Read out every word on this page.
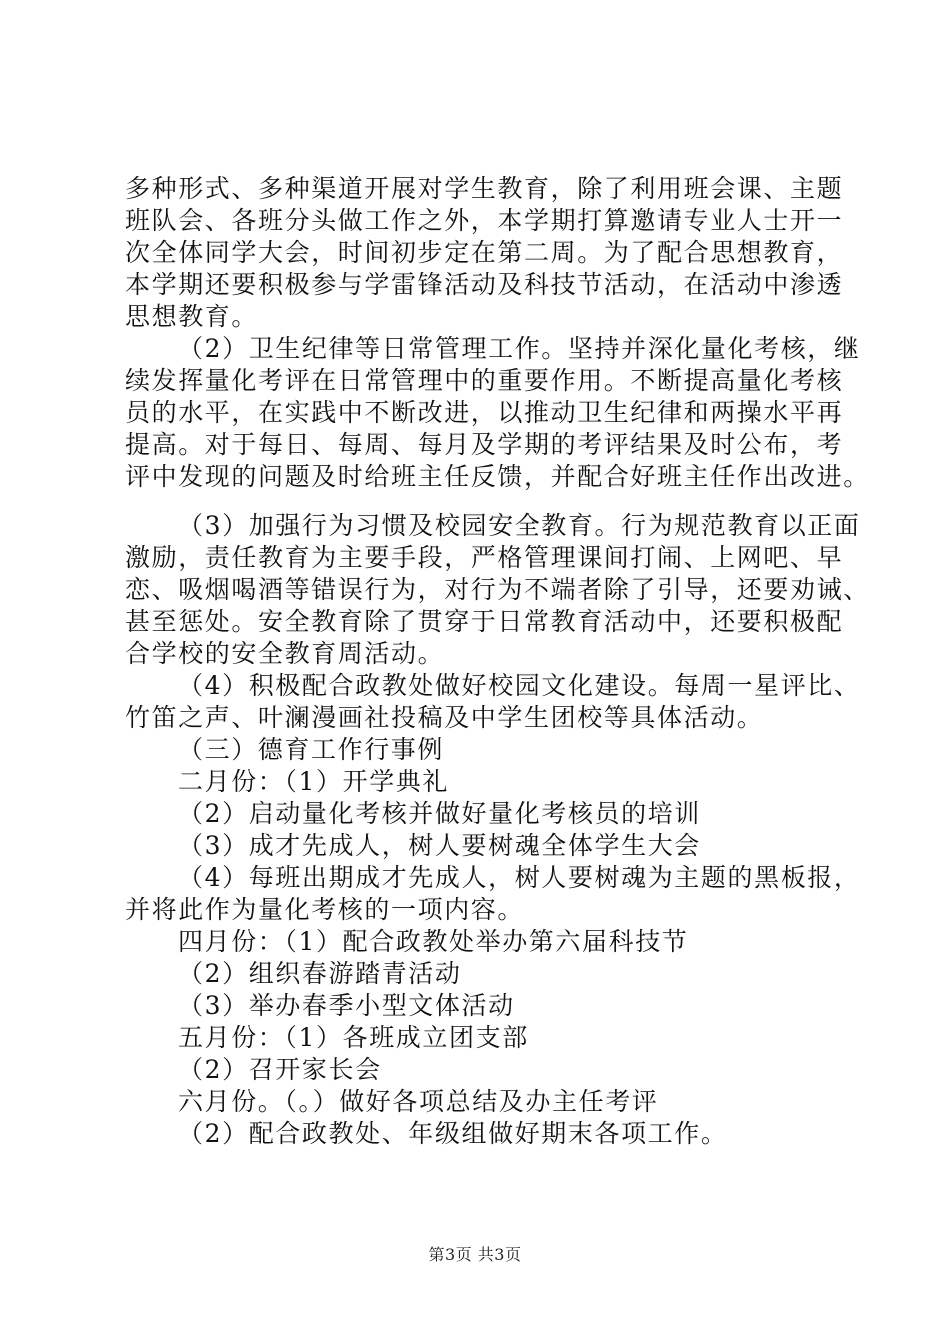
多种形式、多种渠道开展对学生教育，除了利用班会课、主题
班队会、各班分头做工作之外，本学期打算邀请专业人士开一
次全体同学大会，时间初步定在第二周。为了配合思想教育，
本学期还要积极参与学雷锋活动及科技节活动，在活动中渗透
思想教育。
（2）卫生纪律等日常管理工作。坚持并深化量化考核，继
续发挥量化考评在日常管理中的重要作用。不断提高量化考核
员的水平，在实践中不断改进，以推动卫生纪律和两操水平再
提高。对于每日、每周、每月及学期的考评结果及时公布，考
评中发现的问题及时给班主任反馈，并配合好班主任作出改进。
（3）加强行为习惯及校园安全教育。行为规范教育以正面
激励，责任教育为主要手段，严格管理课间打闹、上网吧、早
恋、吸烟喝酒等错误行为，对行为不端者除了引导，还要劝诫、
甚至惩处。安全教育除了贯穿于日常教育活动中，还要积极配
合学校的安全教育周活动。
（4）积极配合政教处做好校园文化建设。每周一星评比、
竹笛之声、叶澜漫画社投稿及中学生团校等具体活动。
（三）德育工作行事例
二月份：（1）开学典礼
（2）启动量化考核并做好量化考核员的培训
（3）成才先成人，树人要树魂全体学生大会
（4）每班出期成才先成人，树人要树魂为主题的黑板报，
并将此作为量化考核的一项内容。
四月份：（1）配合政教处举办第六届科技节
（2）组织春游踏青活动
（3）举办春季小型文体活动
五月份：（1）各班成立团支部
（2）召开家长会
六月份。（。）做好各项总结及办主任考评
（2）配合政教处、年级组做好期末各项工作。
第3页 共3页
